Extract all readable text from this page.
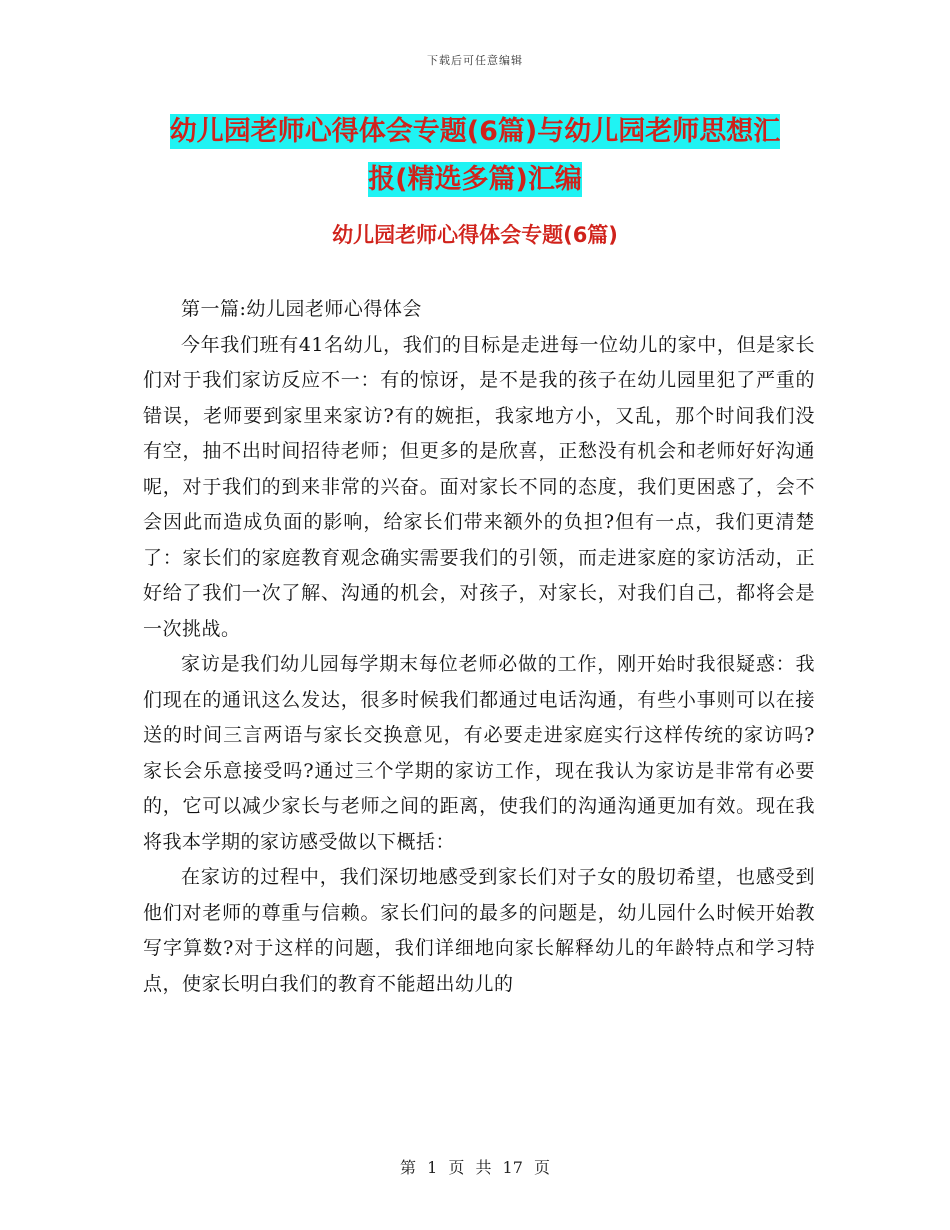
下载后可任意编辑
幼儿园老师心得体会专题(6篇)与幼儿园老师思想汇
报(精选多篇)汇编
幼儿园老师心得体会专题(6篇)

第一篇:幼儿园老师心得体会

今年我们班有41名幼儿，我们的目标是走进每一位幼儿的家中，但是家长们对于我们家访反应不一：有的惊讶，是不是我的孩子在幼儿园里犯了严重的错误，老师要到家里来家访?有的婉拒，我家地方小，又乱，那个时间我们没有空，抽不出时间招待老师；但更多的是欣喜，正愁没有机会和老师好好沟通呢，对于我们的到来非常的兴奋。面对家长不同的态度，我们更困惑了，会不会因此而造成负面的影响，给家长们带来额外的负担?但有一点，我们更清楚了：家长们的家庭教育观念确实需要我们的引领，而走进家庭的家访活动，正好给了我们一次了解、沟通的机会，对孩子，对家长，对我们自己，都将会是一次挑战。

家访是我们幼儿园每学期末每位老师必做的工作，刚开始时我很疑惑：我们现在的通讯这么发达，很多时候我们都通过电话沟通，有些小事则可以在接送的时间三言两语与家长交换意见，有必要走进家庭实行这样传统的家访吗?家长会乐意接受吗?通过三个学期的家访工作，现在我认为家访是非常有必要的，它可以减少家长与老师之间的距离，使我们的沟通沟通更加有效。现在我将我本学期的家访感受做以下概括：

在家访的过程中，我们深切地感受到家长们对子女的殷切希望，也感受到他们对老师的尊重与信赖。家长们问的最多的问题是，幼儿园什么时候开始教写字算数?对于这样的问题，我们详细地向家长解释幼儿的年龄特点和学习特点，使家长明白我们的教育不能超出幼儿的

第 1 页 共 17 页
